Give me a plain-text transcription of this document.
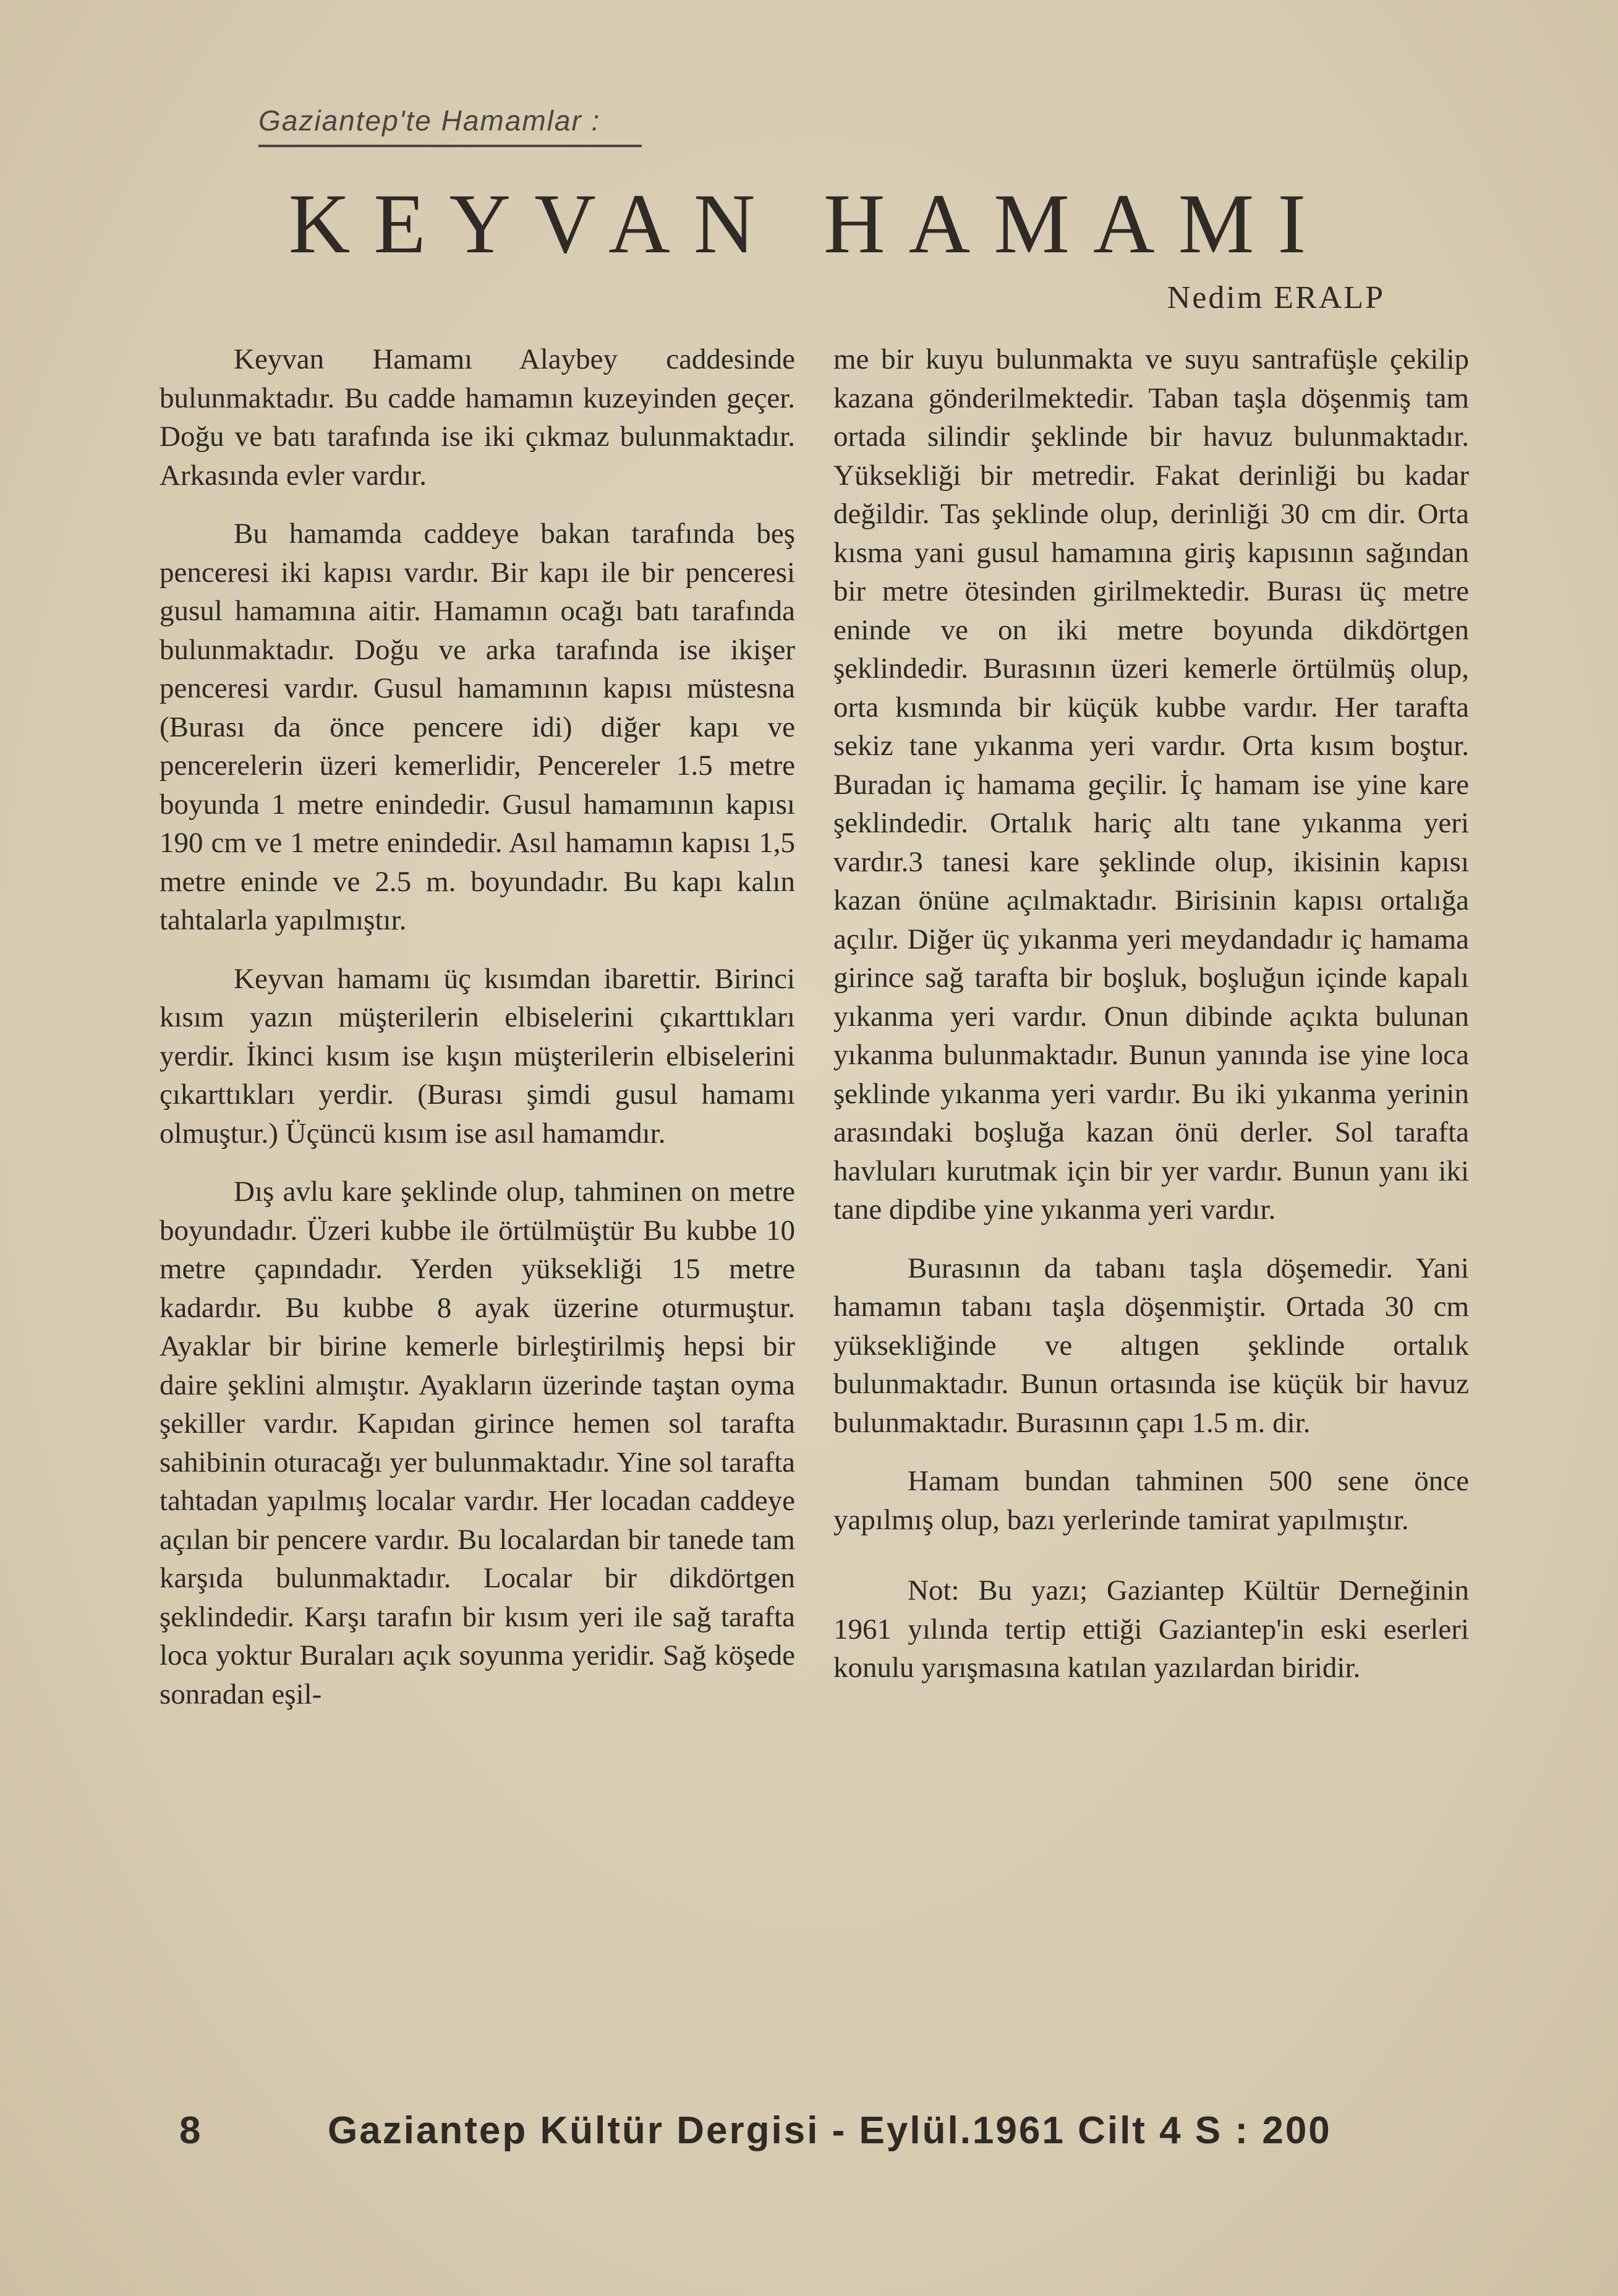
Gaziantep'te Hamamlar :
KEYVAN HAMAMI
Nedim ERALP

Keyvan Hamamı Alaybey caddesinde bulunmaktadır. Bu cadde hamamın kuzeyinden geçer. Doğu ve batı tarafında ise iki çıkmaz bulunmaktadır. Arkasında evler vardır.

Bu hamamda caddeye bakan tarafında beş penceresi iki kapısı vardır. Bir kapı ile bir penceresi gusul hamamına aitir. Hamamın ocağı batı tarafında bulunmaktadır. Doğu ve arka tarafında ise ikişer penceresi vardır. Gusul hamamının kapısı müstesna (Burası da önce pencere idi) diğer kapı ve pencerelerin üzeri kemerlidir, Pencereler 1.5 metre boyunda 1 metre enindedir. Gusul hamamının kapısı 190 cm ve 1 metre enindedir. Asıl hamamın kapısı 1,5 metre eninde ve 2.5 m. boyundadır. Bu kapı kalın tahtalarla yapılmıştır.

Keyvan hamamı üç kısımdan ibarettir. Birinci kısım yazın müşterilerin elbiselerini çıkarttıkları yerdir. İkinci kısım ise kışın müşterilerin elbiselerini çıkarttıkları yerdir. (Burası şimdi gusul hamamı olmuştur.) Üçüncü kısım ise asıl hamamdır.

Dış avlu kare şeklinde olup, tahminen on metre boyundadır. Üzeri kubbe ile örtülmüştür Bu kubbe 10 metre çapındadır. Yerden yüksekliği 15 metre kadardır. Bu kubbe 8 ayak üzerine oturmuştur. Ayaklar bir birine kemerle birleştirilmiş hepsi bir daire şeklini almıştır. Ayakların üzerinde taştan oyma şekiller vardır. Kapıdan girince hemen sol tarafta sahibinin oturacağı yer bulunmaktadır. Yine sol tarafta tahtadan yapılmış localar vardır. Her locadan caddeye açılan bir pencere vardır. Bu localardan bir tanede tam karşıda bulunmaktadır. Localar bir dikdörtgen şeklindedir. Karşı tarafın bir kısım yeri ile sağ tarafta loca yoktur Buraları açık soyunma yeridir. Sağ köşede sonradan eşil-

me bir kuyu bulunmakta ve suyu santrafüşle çekilip kazana gönderilmektedir. Taban taşla döşenmiş tam ortada silindir şeklinde bir havuz bulunmaktadır. Yüksekliği bir metredir. Fakat derinliği bu kadar değildir. Tas şeklinde olup, derinliği 30 cm dir. Orta kısma yani gusul hamamına giriş kapısının sağından bir metre ötesinden girilmektedir. Burası üç metre eninde ve on iki metre boyunda dikdörtgen şeklindedir. Burasının üzeri kemerle örtülmüş olup, orta kısmında bir küçük kubbe vardır. Her tarafta sekiz tane yıkanma yeri vardır. Orta kısım boştur. Buradan iç hamama geçilir. İç hamam ise yine kare şeklindedir. Ortalık hariç altı tane yıkanma yeri vardır.3 tanesi kare şeklinde olup, ikisinin kapısı kazan önüne açılmaktadır. Birisinin kapısı ortalığa açılır. Diğer üç yıkanma yeri meydandadır iç hamama girince sağ tarafta bir boşluk, boşluğun içinde kapalı yıkanma yeri vardır. Onun dibinde açıkta bulunan yıkanma bulunmaktadır. Bunun yanında ise yine loca şeklinde yıkanma yeri vardır. Bu iki yıkanma yerinin arasındaki boşluğa kazan önü derler. Sol tarafta havluları kurutmak için bir yer vardır. Bunun yanı iki tane dipdibe yine yıkanma yeri vardır.

Burasının da tabanı taşla döşemedir. Yani hamamın tabanı taşla döşenmiştir. Ortada 30 cm yüksekliğinde ve altıgen şeklinde ortalık bulunmaktadır. Bunun ortasında ise küçük bir havuz bulunmaktadır. Burasının çapı 1.5 m. dir.

Hamam bundan tahminen 500 sene önce yapılmış olup, bazı yerlerinde tamirat yapılmıştır.

Not: Bu yazı; Gaziantep Kültür Derneğinin 1961 yılında tertip ettiği Gaziantep'in eski eserleri konulu yarışmasına katılan yazılardan biridir.

8	Gaziantep Kültür Dergisi - Eylül.1961 Cilt 4 S : 200
